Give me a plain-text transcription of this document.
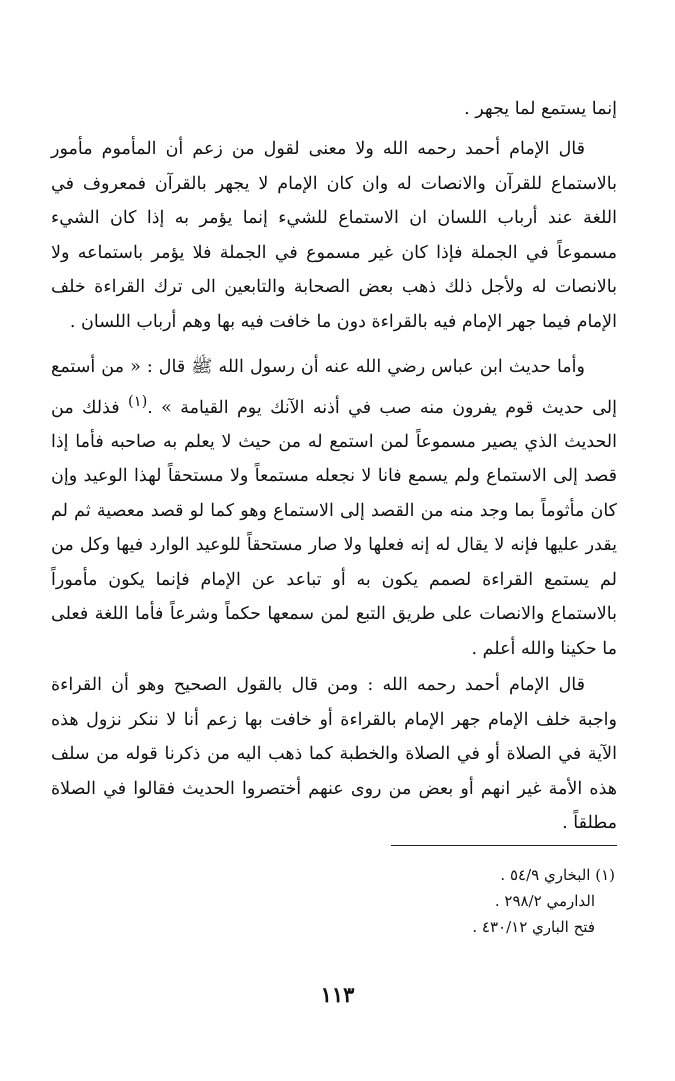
إنما يستمع لما يجهر .

قال الإمام أحمد رحمه الله ولا معنى لقول من زعم أن المأموم مأمور بالاستماع للقرآن والانصات له وان كان الإمام لا يجهر بالقرآن فمعروف في اللغة عند أرباب اللسان ان الاستماع للشيء إنما يؤمر به إذا كان الشيء مسموعاً في الجملة فإذا كان غير مسموع في الجملة فلا يؤمر باستماعه ولا بالانصات له ولأجل ذلك ذهب بعض الصحابة والتابعين الى ترك القراءة خلف الإمام فيما جهر الإمام فيه بالقراءة دون ما خافت فيه بها وهم أرباب اللسان .

وأما حديث ابن عباس رضي الله عنه أن رسول الله ﷺ قال : « من أستمع إلى حديث قوم يفرون منه صب في أذنه الآنك يوم القيامة » .$^{(١)}$ فذلك من الحديث الذي يصير مسموعاً لمن استمع له من حيث لا يعلم به صاحبه فأما إذا قصد إلى الاستماع ولم يسمع فانا لا نجعله مستمعاً ولا مستحقاً لهذا الوعيد وإن كان مأثوماً بما وجد منه من القصد إلى الاستماع وهو كما لو قصد معصية ثم لم يقدر عليها فإنه لا يقال له إنه فعلها ولا صار مستحقاً للوعيد الوارد فيها وكل من لم يستمع القراءة لصمم يكون به أو تباعد عن الإمام فإنما يكون مأموراً بالاستماع والانصات على طريق التبع لمن سمعها حكماً وشرعاً فأما اللغة فعلى ما حكينا والله أعلم .

قال الإمام أحمد رحمه الله : ومن قال بالقول الصحيح وهو أن القراءة واجبة خلف الإمام جهر الإمام بالقراءة أو خافت بها زعم أنا لا ننكر نزول هذه الآية في الصلاة أو في الصلاة والخطبة كما ذهب اليه من ذكرنا قوله من سلف هذه الأمة غير انهم أو بعض من روى عنهم أختصروا الحديث فقالوا في الصلاة مطلقاً .

(١) البخاري ٥٤/٩ .
الدارمي ٢٩٨/٢ .
فتح الباري ٤٣٠/١٢ .
١١٣
